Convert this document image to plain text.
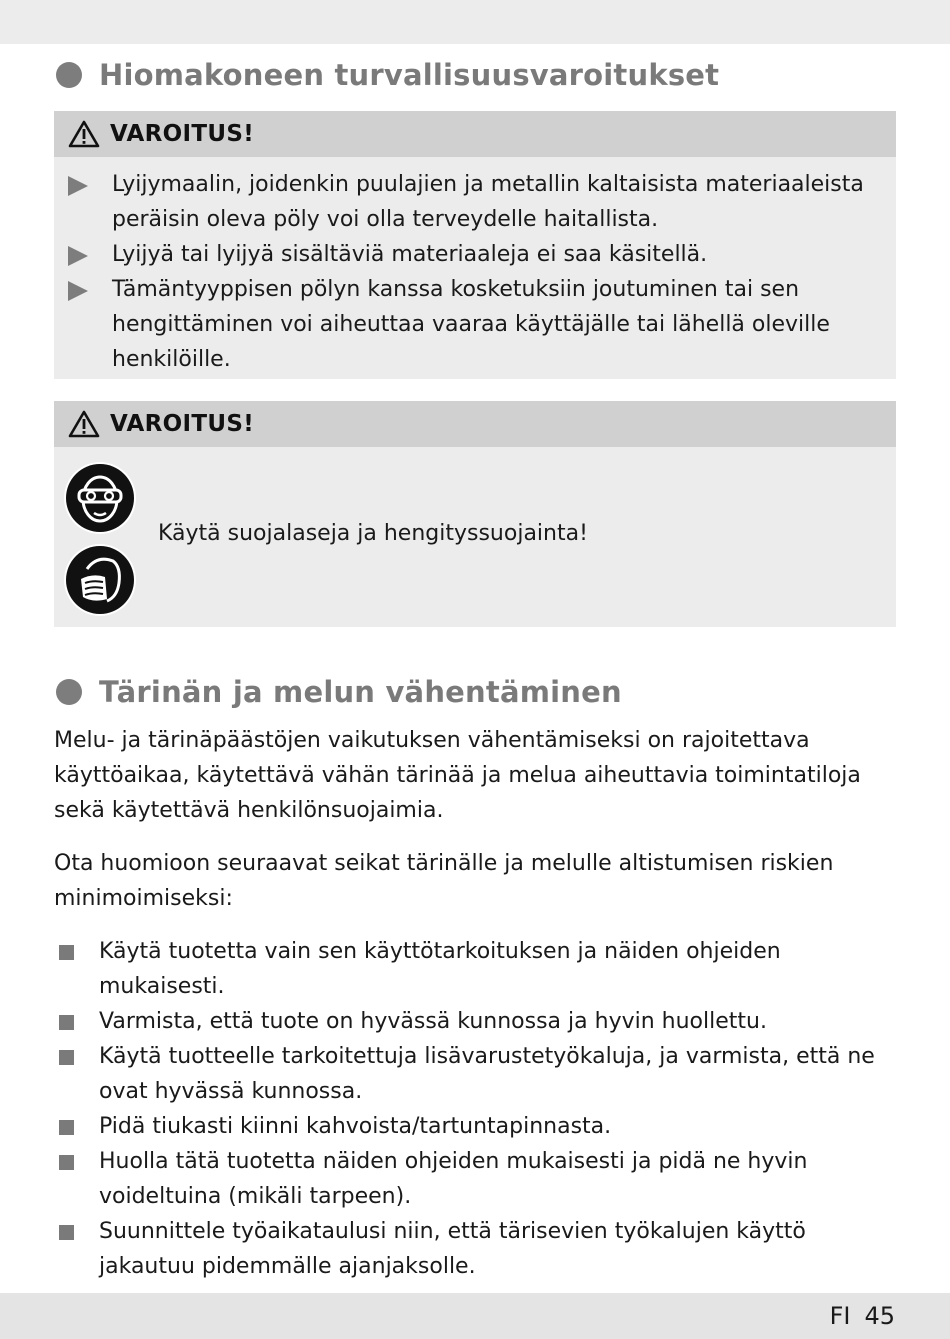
Hiomakoneen turvallisuusvaroitukset
VAROITUS!
Lyijymaalin, joidenkin puulajien ja metallin kaltaisista materiaaleista peräisin oleva pöly voi olla terveydelle haitallista.
Lyijyä tai lyijyä sisältäviä materiaaleja ei saa käsitellä.
Tämäntyyppisen pölyn kanssa kosketuksiin joutuminen tai sen hengittäminen voi aiheuttaa vaaraa käyttäjälle tai lähellä oleville henkilöille.
VAROITUS!
Käytä suojalaseja ja hengityssuojainta!
Tärinän ja melun vähentäminen

Melu- ja tärinäpäästöjen vaikutuksen vähentämiseksi on rajoitettava käyttöaikaa, käytettävä vähän tärinää ja melua aiheuttavia toimintatiloja sekä käytettävä henkilönsuojaimia.

Ota huomioon seuraavat seikat tärinälle ja melulle altistumisen riskien minimoimiseksi:

Käytä tuotetta vain sen käyttötarkoituksen ja näiden ohjeiden mukaisesti.
Varmista, että tuote on hyvässä kunnossa ja hyvin huollettu.
Käytä tuotteelle tarkoitettuja lisävarustetyökaluja, ja varmista, että ne ovat hyvässä kunnossa.
Pidä tiukasti kiinni kahvoista/tartuntapinnasta.
Huolla tätä tuotetta näiden ohjeiden mukaisesti ja pidä ne hyvin voideltuina (mikäli tarpeen).
Suunnittele työaikataulusi niin, että tärisevien työkalujen käyttö jakautuu pidemmälle ajanjaksolle.
FI 45
